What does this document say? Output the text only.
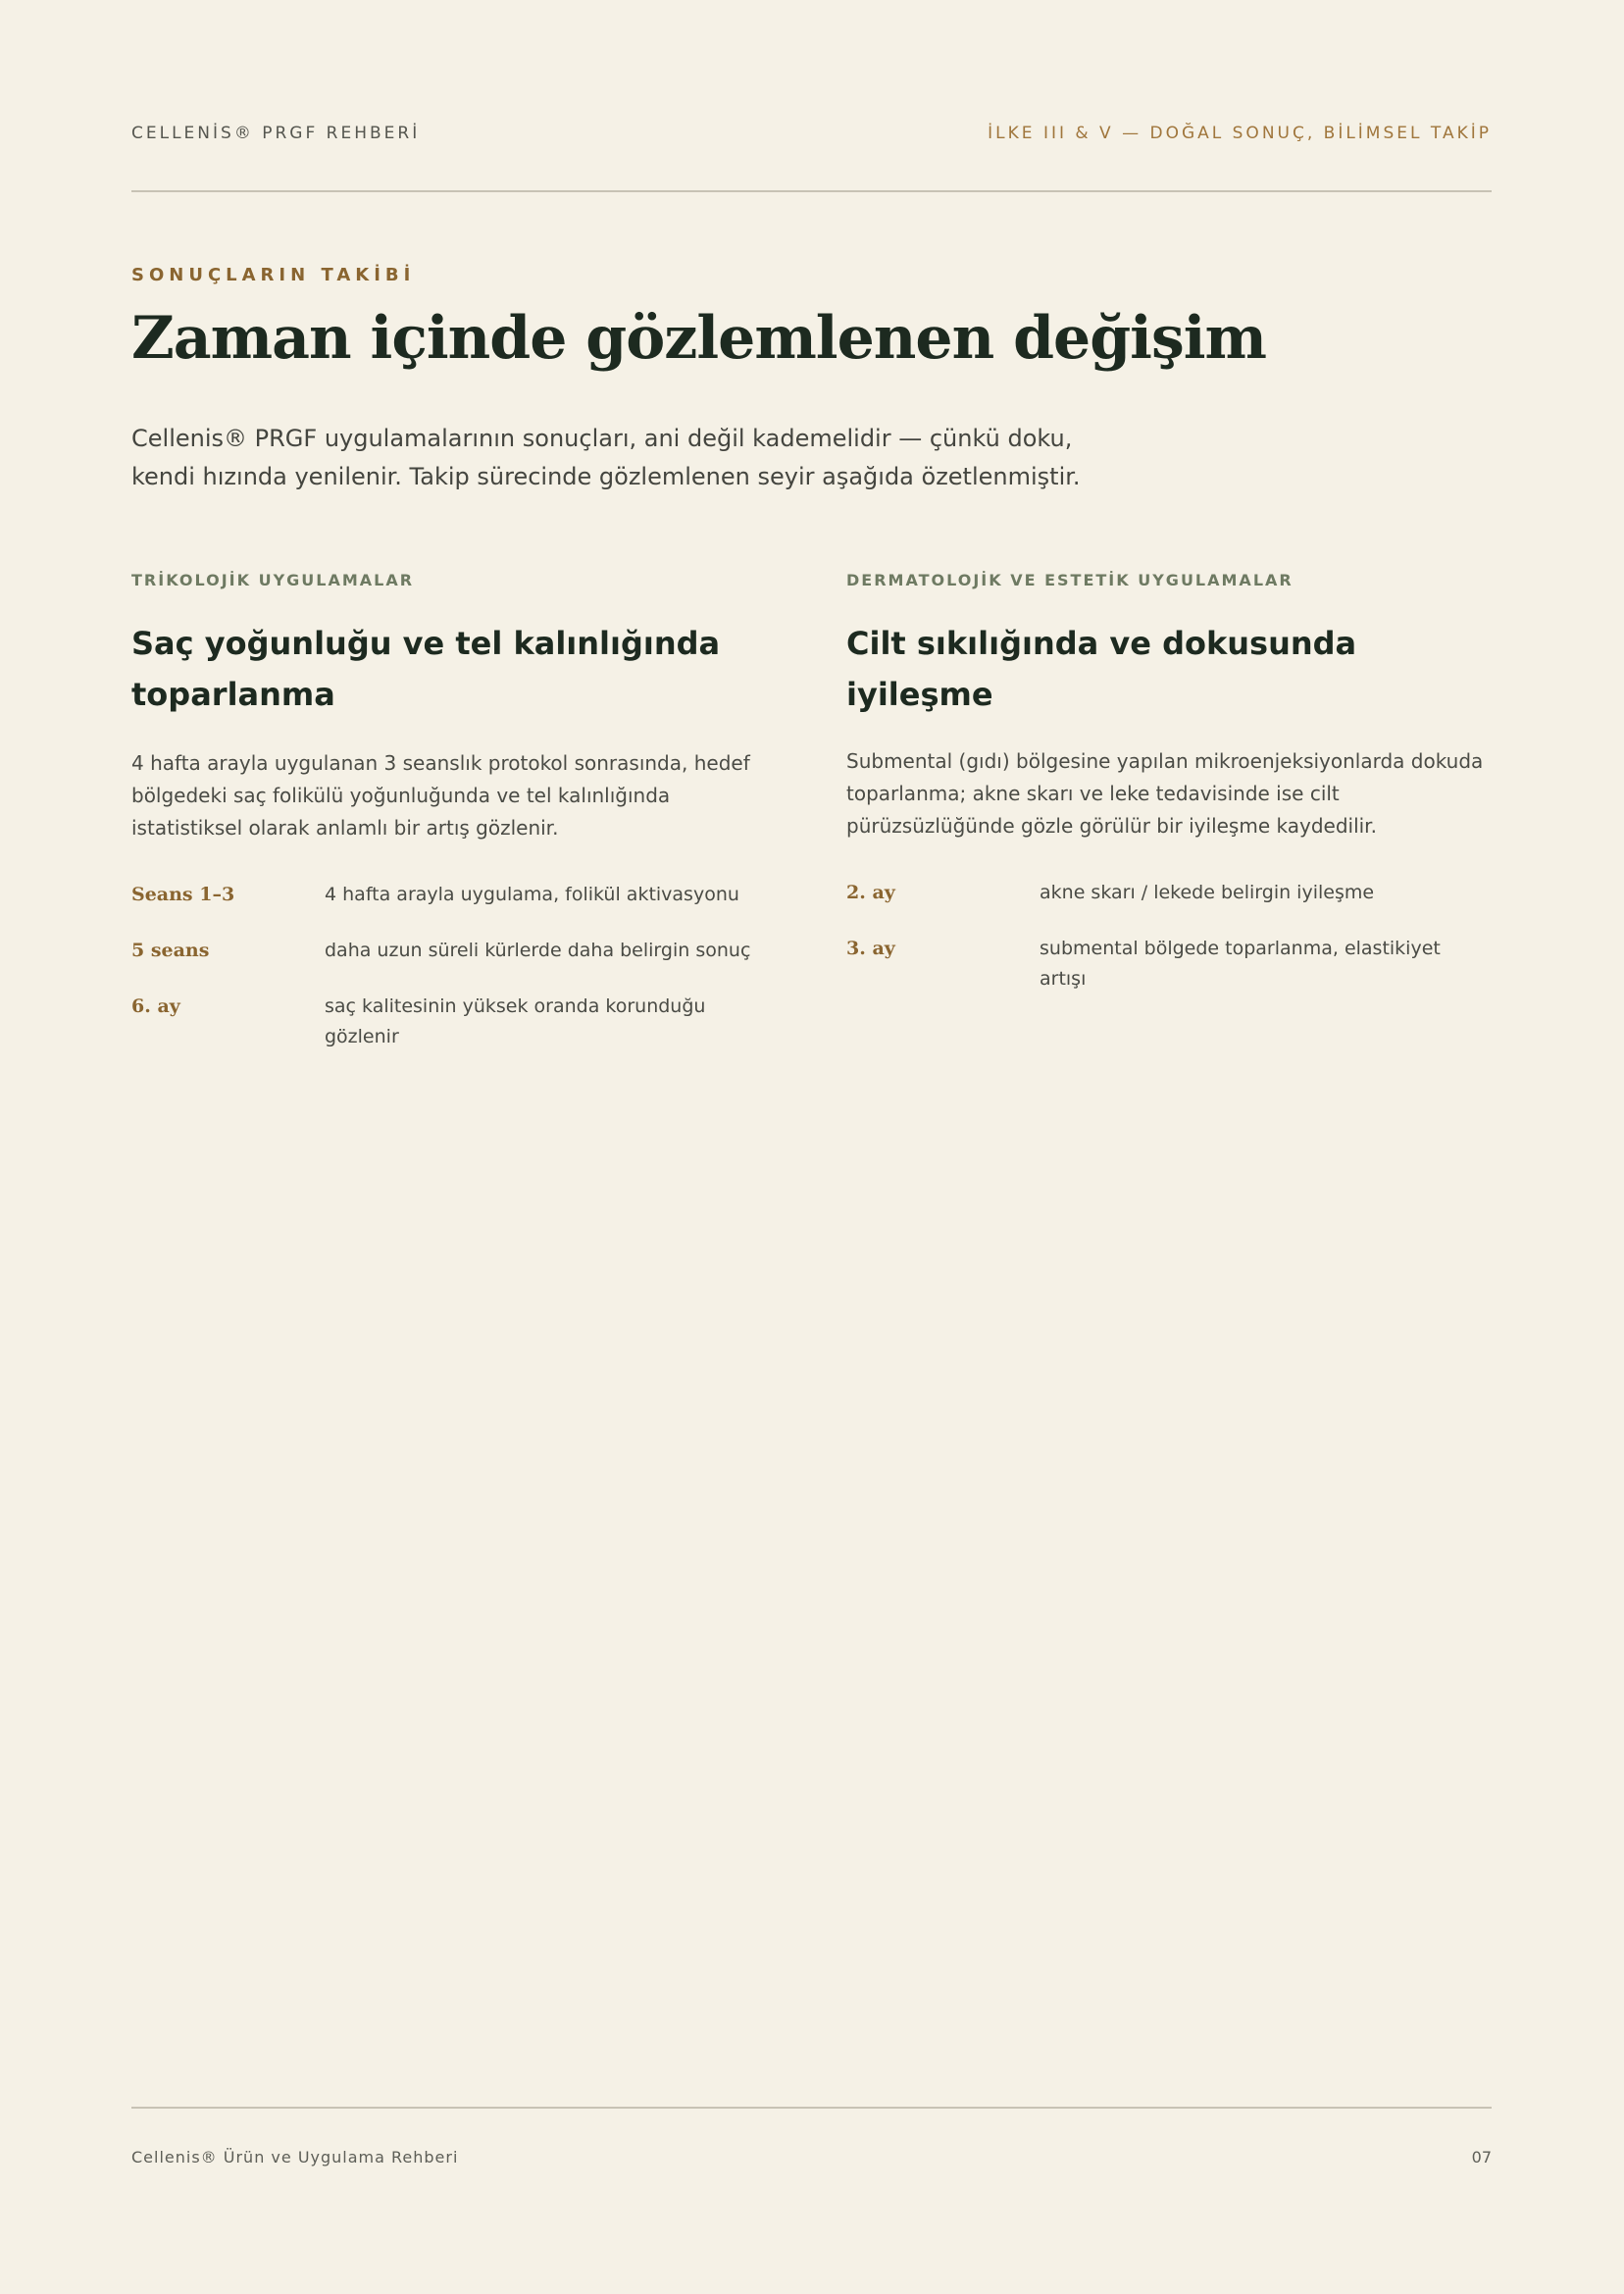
CELLENİS® PRGF REHBERİ	İLKE III & V — DOĞAL SONUÇ, BİLİMSEL TAKİP
SONUÇLARIN TAKİBİ
Zaman içinde gözlemlenen değişim

Cellenis® PRGF uygulamalarının sonuçları, ani değil kademelidir — çünkü doku, kendi hızında yenilenir. Takip sürecinde gözlemlenen seyir aşağıda özetlenmiştir.

TRİKOLOJİK UYGULAMALAR

Saç yoğunluğu ve tel kalınlığında toparlanma

4 hafta arayla uygulanan 3 seanslık protokol sonrasında, hedef bölgedeki saç folikülü yoğunluğunda ve tel kalınlığında istatistiksel olarak anlamlı bir artış gözlenir.

Seans 1–3	4 hafta arayla uygulama, folikül aktivasyonu
5 seans	daha uzun süreli kürlerde daha belirgin sonuç
6. ay	saç kalitesinin yüksek oranda korunduğu gözlenir

DERMATOLOJİK VE ESTETİK UYGULAMALAR

Cilt sıkılığında ve dokusunda iyileşme

Submental (gıdı) bölgesine yapılan mikroenjeksiyonlarda dokuda toparlanma; akne skarı ve leke tedavisinde ise cilt pürüzsüzlüğünde gözle görülür bir iyileşme kaydedilir.

2. ay	akne skarı / lekede belirgin iyileşme
3. ay	submental bölgede toparlanma, elastikiyet artışı
Cellenis® Ürün ve Uygulama Rehberi	07
